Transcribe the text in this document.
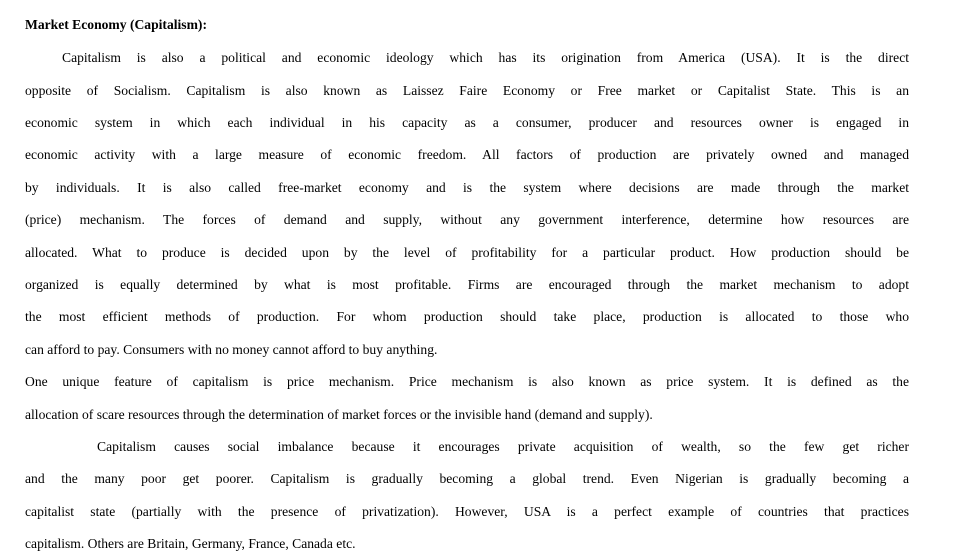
Market Economy (Capitalism):
Capitalism is also a political and economic ideology which has its origination from America (USA). It is the direct
opposite of Socialism. Capitalism is also known as Laissez Faire Economy or Free market or Capitalist State. This is an
economic system in which each individual in his capacity as a consumer, producer and resources owner is engaged in
economic activity with a large measure of economic freedom. All factors of production are privately owned and managed
by individuals. It is also called free-market economy and is the system where decisions are made through the market
(price) mechanism. The forces of demand and supply, without any government interference, determine how resources are
allocated. What to produce is decided upon by the level of profitability for a particular product. How production should be
organized is equally determined by what is most profitable. Firms are encouraged through the market mechanism to adopt
the most efficient methods of production. For whom production should take place, production is allocated to those who
can afford to pay. Consumers with no money cannot afford to buy anything.
One unique feature of capitalism is price mechanism. Price mechanism is also known as price system. It is defined as the
allocation of scare resources through the determination of market forces or the invisible hand (demand and supply).
Capitalism causes social imbalance because it encourages private acquisition of wealth, so the few get richer
and the many poor get poorer. Capitalism is gradually becoming a global trend. Even Nigerian is gradually becoming a
capitalist state (partially with the presence of privatization). However, USA is a perfect example of countries that practices
capitalism. Others are Britain, Germany, France, Canada etc.
